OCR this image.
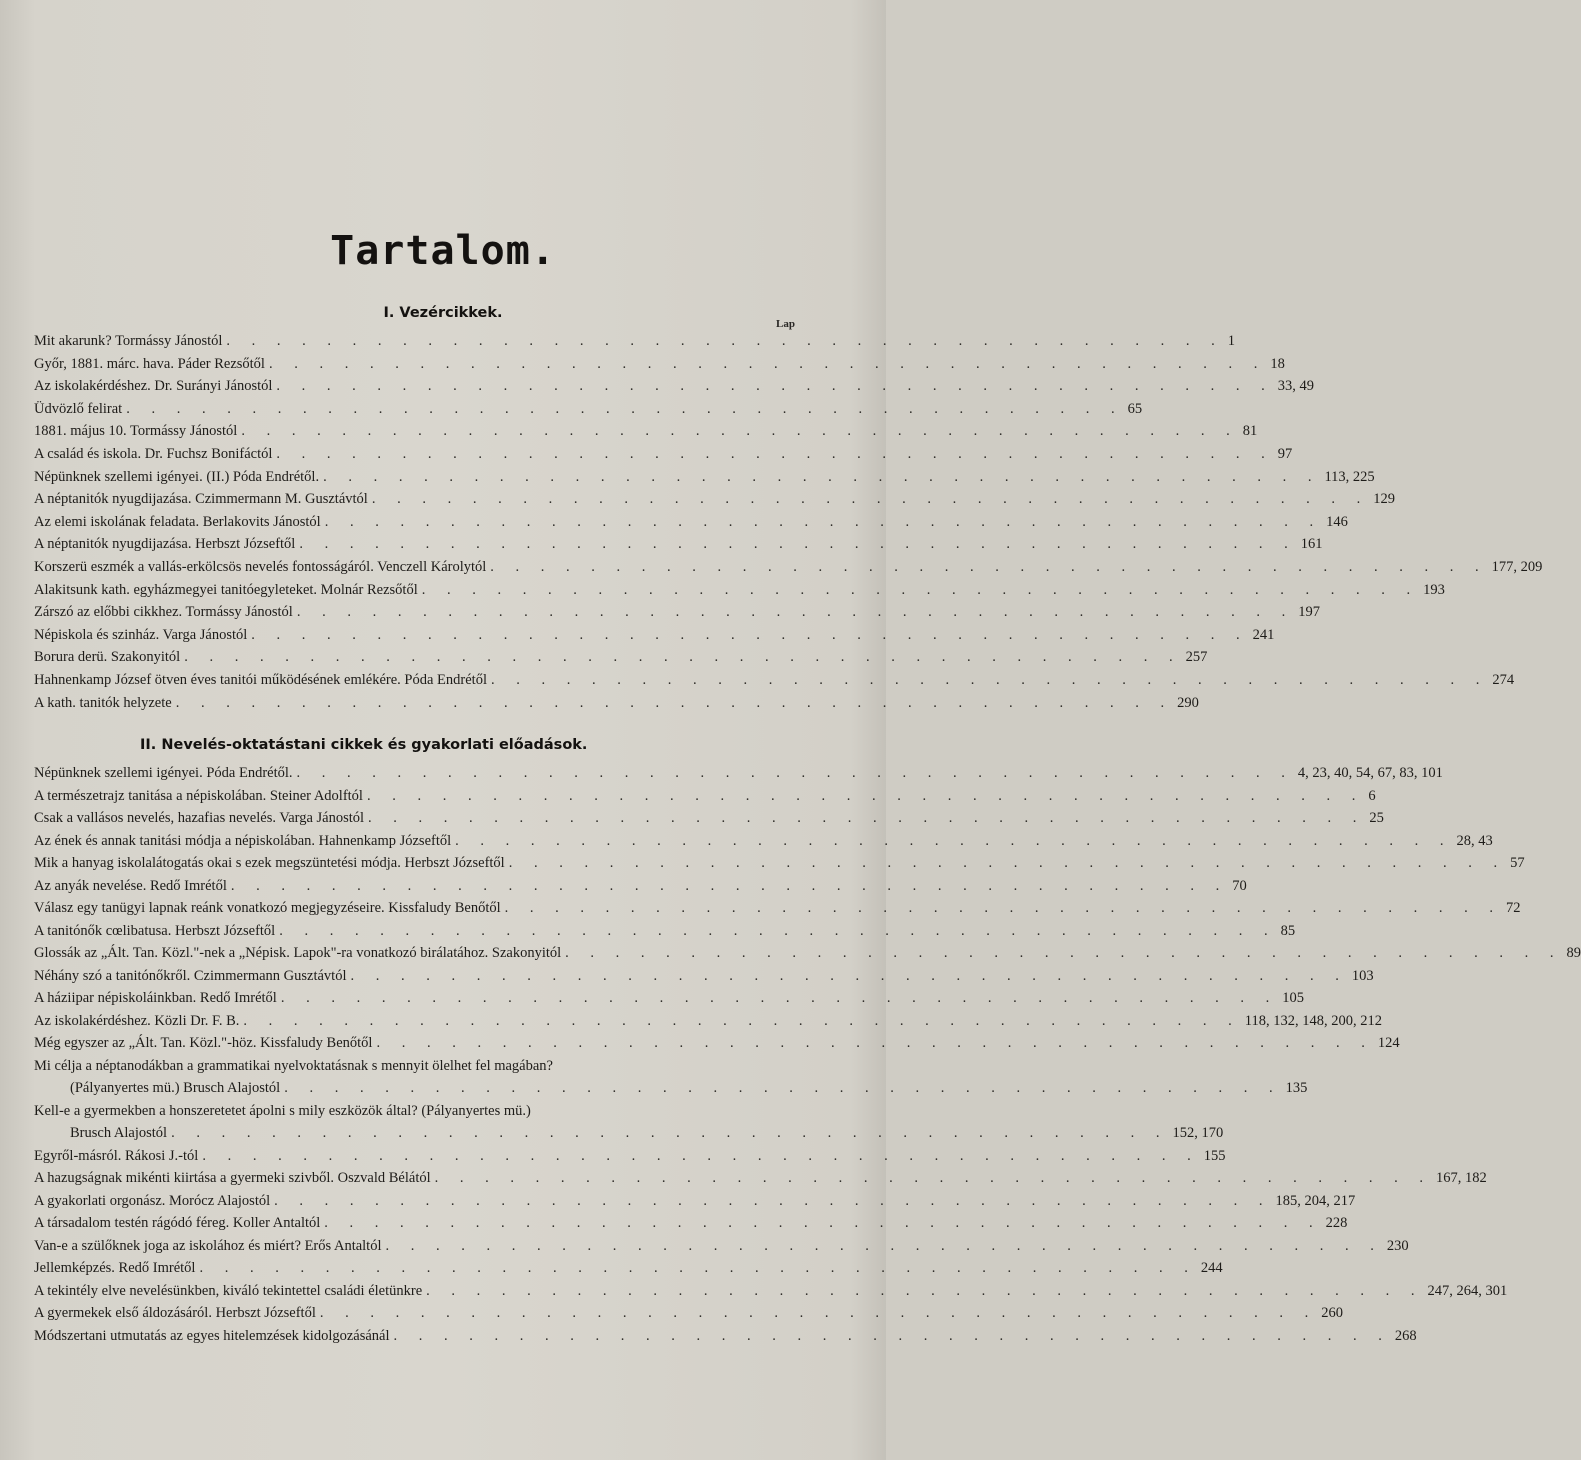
Tartalom.
I. Vezércikkek.
Lap
II. Nevelés-oktatástani cikkek és gyakorlati előadások.
Mit akarunk? Tormássy Jánostól . . . . . . . . . . . . . . . . . . . . . . . . . . . . . . . . . . . . . . . . 1
Győr, 1881. márc. hava. Páder Rezsőtől . . . . . . . . . . . . . . . . . . . . . . . . . . . . . . . . . . . . . . . . 18
Az iskolakérdéshez. Dr. Surányi Jánostól . . . . . . . . . . . . . . . . . . . . . . . . . . . . . . . . . . . . . . . . 33, 49
Üdvözlő felirat . . . . . . . . . . . . . . . . . . . . . . . . . . . . . . . . . . . . . . . . 65
1881. május 10. Tormássy Jánostól . . . . . . . . . . . . . . . . . . . . . . . . . . . . . . . . . . . . . . . . 81
A család és iskola. Dr. Fuchsz Bonifáctól . . . . . . . . . . . . . . . . . . . . . . . . . . . . . . . . . . . . . . . . 97
Népünknek szellemi igényei. (II.) Póda Endrétől. . . . . . . . . . . . . . . . . . . . . . . . . . . . . . . . . . . . . . . . . 113, 225
A néptanitók nyugdijazása. Czimmermann M. Gusztávtól . . . . . . . . . . . . . . . . . . . . . . . . . . . . . . . . . . . . . . . . 129
Az elemi iskolának feladata. Berlakovits Jánostól . . . . . . . . . . . . . . . . . . . . . . . . . . . . . . . . . . . . . . . . 146
A néptanitók nyugdijazása. Herbszt Józseftől . . . . . . . . . . . . . . . . . . . . . . . . . . . . . . . . . . . . . . . . 161
Korszerü eszmék a vallás-erkölcsös nevelés fontosságáról. Venczell Károlytól . . . . . . . . . . . . . . . . . . . . . . . . . . . . . . . . . . . . . . . . 177, 209
Alakitsunk kath. egyházmegyei tanitóegyleteket. Molnár Rezsőtől . . . . . . . . . . . . . . . . . . . . . . . . . . . . . . . . . . . . . . . . 193
Zárszó az előbbi cikkhez. Tormássy Jánostól . . . . . . . . . . . . . . . . . . . . . . . . . . . . . . . . . . . . . . . . 197
Népiskola és szinház. Varga Jánostól . . . . . . . . . . . . . . . . . . . . . . . . . . . . . . . . . . . . . . . . 241
Borura derü. Szakonyitól . . . . . . . . . . . . . . . . . . . . . . . . . . . . . . . . . . . . . . . . 257
Hahnenkamp József ötven éves tanitói működésének emlékére. Póda Endrétől . . . . . . . . . . . . . . . . . . . . . . . . . . . . . . . . . . . . . . . . 274
A kath. tanitók helyzete . . . . . . . . . . . . . . . . . . . . . . . . . . . . . . . . . . . . . . . . 290
Népünknek szellemi igényei. Póda Endrétől. . . . . . . . . . . . . . . . . . . . . . . . . . . . . . . . . . . . . . . . . 4, 23, 40, 54, 67, 83, 101
A természetrajz tanitása a népiskolában. Steiner Adolftól . . . . . . . . . . . . . . . . . . . . . . . . . . . . . . . . . . . . . . . . 6
Csak a vallásos nevelés, hazafias nevelés. Varga Jánostól . . . . . . . . . . . . . . . . . . . . . . . . . . . . . . . . . . . . . . . . 25
Az ének és annak tanitási módja a népiskolában. Hahnenkamp Józseftől . . . . . . . . . . . . . . . . . . . . . . . . . . . . . . . . . . . . . . . . 28, 43
Mik a hanyag iskolalátogatás okai s ezek megszüntetési módja. Herbszt Józseftől . . . . . . . . . . . . . . . . . . . . . . . . . . . . . . . . . . . . . . . . 57
Az anyák nevelése. Redő Imrétől . . . . . . . . . . . . . . . . . . . . . . . . . . . . . . . . . . . . . . . . 70
Válasz egy tanügyi lapnak reánk vonatkozó megjegyzéseire. Kissfaludy Benőtől . . . . . . . . . . . . . . . . . . . . . . . . . . . . . . . . . . . . . . . . 72
A tanitónők cœlibatusa. Herbszt Józseftől . . . . . . . . . . . . . . . . . . . . . . . . . . . . . . . . . . . . . . . . 85
Glossák az „Ált. Tan. Közl."-nek a „Népisk. Lapok"-ra vonatkozó birálatához. Szakonyitól . . . . . . . . . . . . . . . . . . . . . . . . . . . . . . . . . . . . . . . . 89
Néhány szó a tanitónőkről. Czimmermann Gusztávtól . . . . . . . . . . . . . . . . . . . . . . . . . . . . . . . . . . . . . . . . 103
A háziipar népiskoláinkban. Redő Imrétől . . . . . . . . . . . . . . . . . . . . . . . . . . . . . . . . . . . . . . . . 105
Az iskolakérdéshez. Közli Dr. F. B. . . . . . . . . . . . . . . . . . . . . . . . . . . . . . . . . . . . . . . . . 118, 132, 148, 200, 212
Még egyszer az „Ált. Tan. Közl."-höz. Kissfaludy Benőtől . . . . . . . . . . . . . . . . . . . . . . . . . . . . . . . . . . . . . . . . 124
Mi célja a néptanodákban a grammatikai nyelvoktatásnak s mennyit ölelhet fel magában?
(Pályanyertes mü.) Brusch Alajostól . . . . . . . . . . . . . . . . . . . . . . . . . . . . . . . . . . . . . . . . 135
Kell-e a gyermekben a honszeretetet ápolni s mily eszközök által? (Pályanyertes mü.)
Brusch Alajostól . . . . . . . . . . . . . . . . . . . . . . . . . . . . . . . . . . . . . . . . 152, 170
Egyről-másról. Rákosi J.-tól . . . . . . . . . . . . . . . . . . . . . . . . . . . . . . . . . . . . . . . . 155
A hazugságnak mikénti kiirtása a gyermeki szivből. Oszvald Bélától . . . . . . . . . . . . . . . . . . . . . . . . . . . . . . . . . . . . . . . . 167, 182
A gyakorlati orgonász. Morócz Alajostól . . . . . . . . . . . . . . . . . . . . . . . . . . . . . . . . . . . . . . . . 185, 204, 217
A társadalom testén rágódó féreg. Koller Antaltól . . . . . . . . . . . . . . . . . . . . . . . . . . . . . . . . . . . . . . . . 228
Van-e a szülőknek joga az iskolához és miért? Erős Antaltól . . . . . . . . . . . . . . . . . . . . . . . . . . . . . . . . . . . . . . . . 230
Jellemképzés. Redő Imrétől . . . . . . . . . . . . . . . . . . . . . . . . . . . . . . . . . . . . . . . . 244
A tekintély elve nevelésünkben, kiváló tekintettel családi életünkre . . . . . . . . . . . . . . . . . . . . . . . . . . . . . . . . . . . . . . . . 247, 264, 301
A gyermekek első áldozásáról. Herbszt Józseftől . . . . . . . . . . . . . . . . . . . . . . . . . . . . . . . . . . . . . . . . 260
Módszertani utmutatás az egyes hitelemzések kidolgozásánál . . . . . . . . . . . . . . . . . . . . . . . . . . . . . . . . . . . . . . . . 268
